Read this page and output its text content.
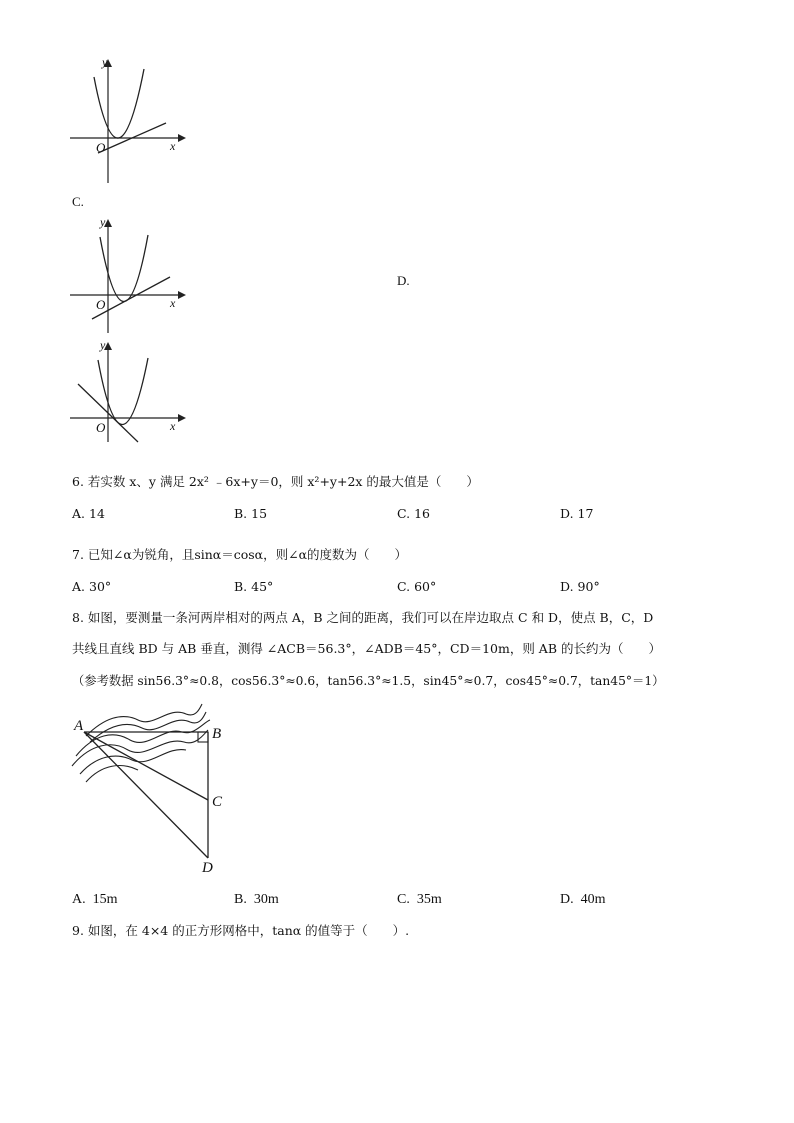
y
x
O
C.
y
x
O
D.
y
x
O
6. 若实数 x、y 满足 2x² ﹣6x+y＝0，则 x²+y+2x 的最大值是（　　）
A. 14	B. 15	C. 16	D. 17
7. 已知∠α为锐角，且sinα＝cosα，则∠α的度数为（　　）
A. 30°	B. 45°	C. 60°	D. 90°
8. 如图，要测量一条河两岸相对的两点 A，B 之间的距离，我们可以在岸边取点 C 和 D，使点 B，C，D
共线且直线 BD 与 AB 垂直，测得 ∠ACB＝56.3°，∠ADB＝45°，CD＝10m，则 AB 的长约为（　　）
（参考数据 sin56.3°≈0.8，cos56.3°≈0.6，tan56.3°≈1.5，sin45°≈0.7，cos45°≈0.7，tan45°＝1）
A	B
C
D
A. 15m	B. 30m	C. 35m	D. 40m
9. 如图，在 4×4 的正方形网格中，tanα 的值等于（　　）.
